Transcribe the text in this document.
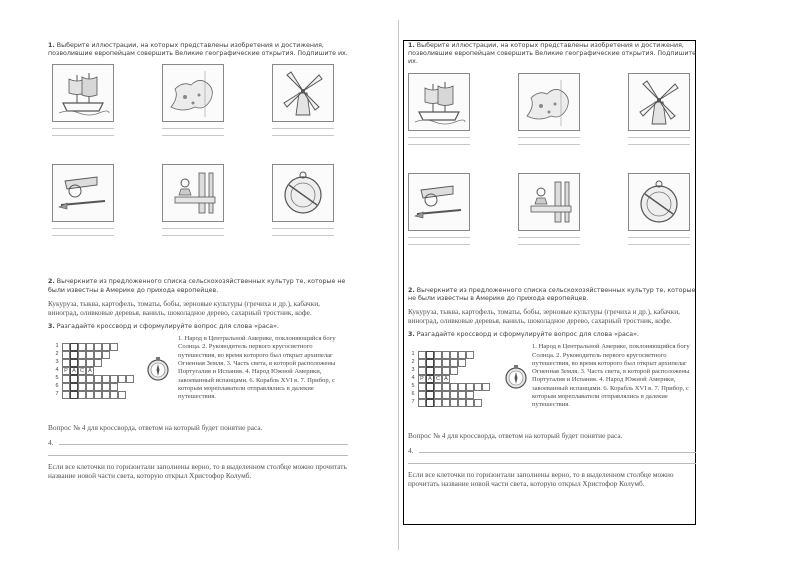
1. Выберите иллюстрации, на которых представлены изобретения и достижения, позволившие европейцам совершить Великие географические открытия. Подпишите их.
2. Вычеркните из предложенного списка сельскохозяйственных культур те, которые не были известны в Америке до прихода европейцев.
Кукуруза, тыква, картофель, томаты, бобы, зерновые культуры (гречиха и др.), кабачки, виноград, оливковые деревья, ваниль, шоколадное дерево, сахарный тростник, кофе.
3. Разгадайте кроссворд и сформулируйте вопрос для слова «раса».
1
2
3
4	Р А С А
5
6
7
1. Народ в Центральной Америке, поклоняющийся богу Солнца. 2. Руководитель первого кругосветного путешествия, во время которого был открыт архипелаг Огненная Земля. 3. Часть света, в которой расположены Португалия и Испания. 4. Народ Южной Америки, завоеванный испанцами. 6. Корабль XVI в. 7. Прибор, с которым мореплаватели отправлялись в далекие путешествия.
Вопрос № 4 для кроссворда, ответом на который будет понятие раса.
4.
Если все клеточки по горизонтали заполнены верно, то в выделенном столбце можно прочитать название новой части света, которую открыл Христофор Колумб.
1. Выберите иллюстрации, на которых представлены изобретения и достижения, позволившие европейцам совершить Великие географические открытия. Подпишите их.
2. Вычеркните из предложенного списка сельскохозяйственных культур те, которые не были известны в Америке до прихода европейцев.
Кукуруза, тыква, картофель, томаты, бобы, зерновые культуры (гречиха и др.), кабачки, виноград, оливковые деревья, ваниль, шоколадное дерево, сахарный тростник, кофе.
3. Разгадайте кроссворд и сформулируйте вопрос для слова «раса».
1
2
3
4	Р А С А
5
6
7
1. Народ в Центральной Америке, поклоняющийся богу Солнца. 2. Руководитель первого кругосветного путешествия, во время которого был открыт архипелаг Огненная Земля. 3. Часть света, в которой расположены Португалия и Испания. 4. Народ Южной Америки, завоеванный испанцами. 6. Корабль XVI в. 7. Прибор, с которым мореплаватели отправлялись в далекие путешествия.
Вопрос № 4 для кроссворда, ответом на который будет понятие раса.
4.
Если все клеточки по горизонтали заполнены верно, то в выделенном столбце можно прочитать название новой части света, которую открыл Христофор Колумб.
